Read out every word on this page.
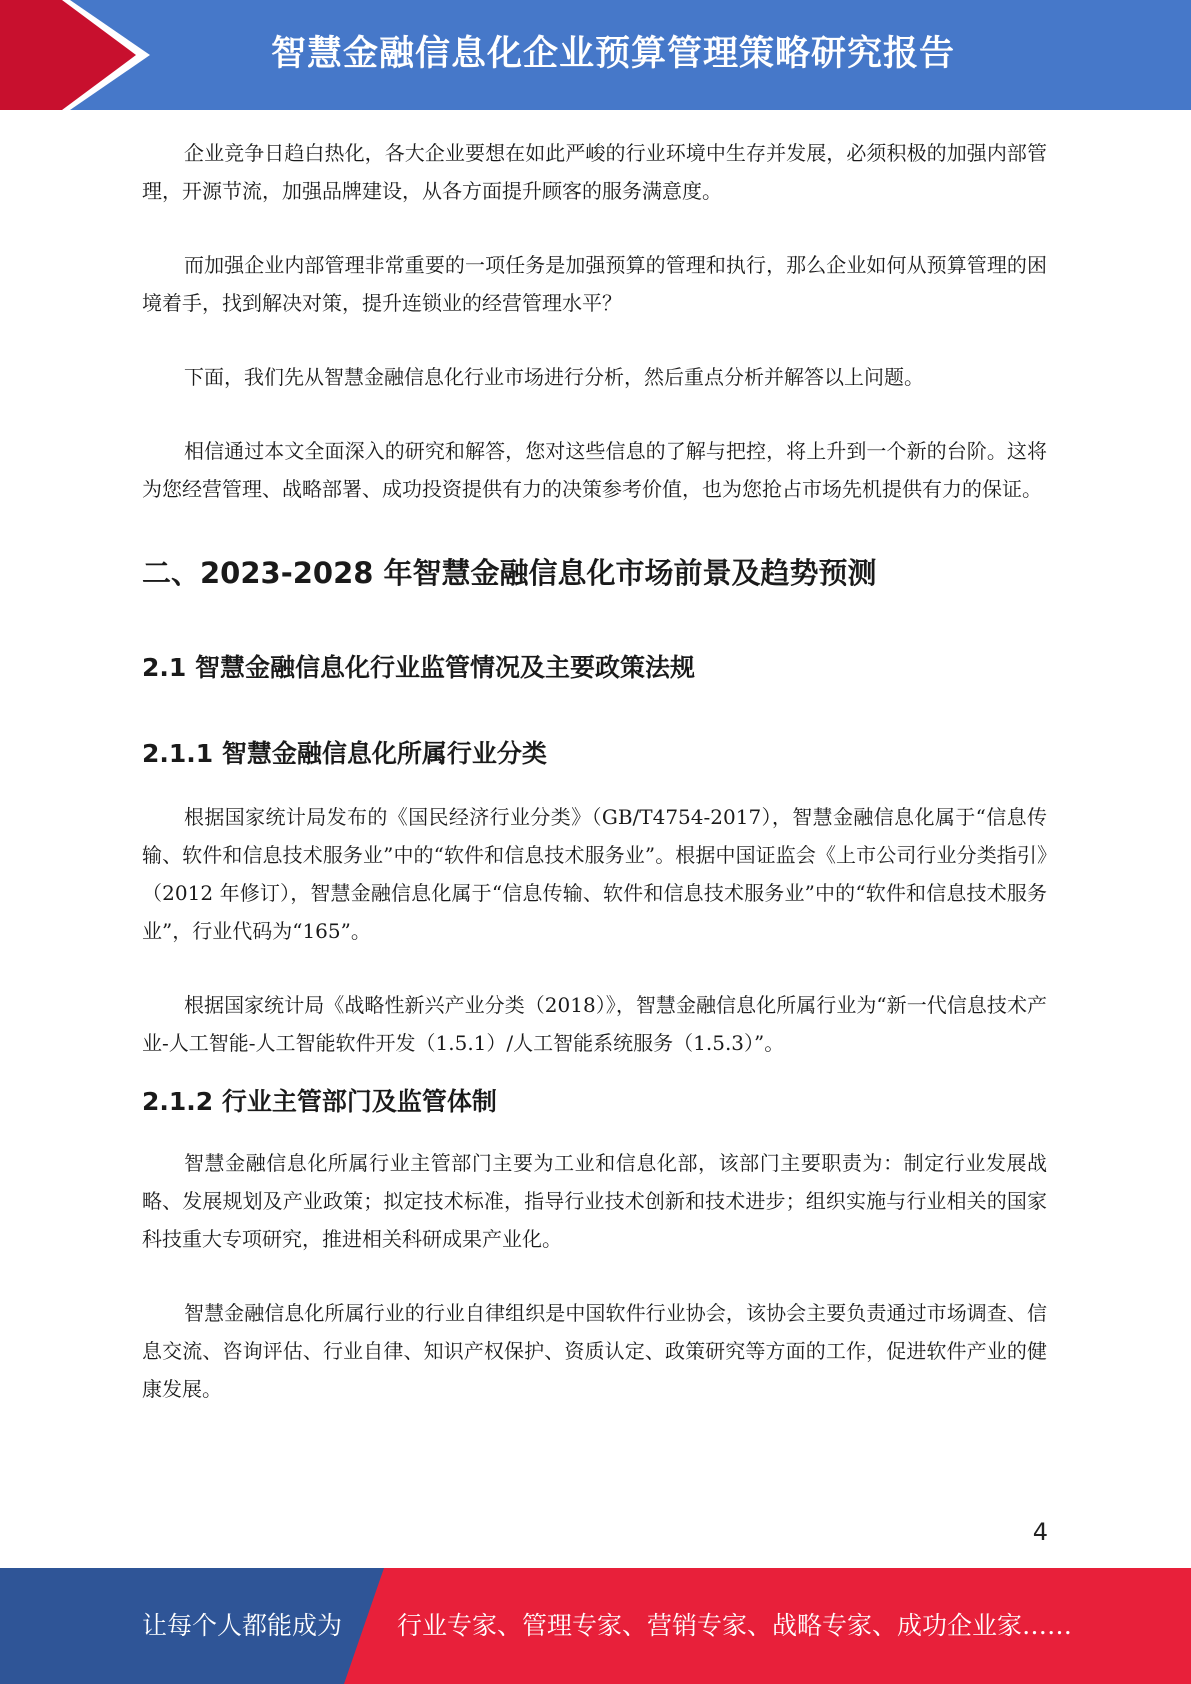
智慧金融信息化企业预算管理策略研究报告

企业竞争日趋白热化，各大企业要想在如此严峻的行业环境中生存并发展，必须积极的加强内部管理，开源节流，加强品牌建设，从各方面提升顾客的服务满意度。

而加强企业内部管理非常重要的一项任务是加强预算的管理和执行，那么企业如何从预算管理的困境着手，找到解决对策，提升连锁业的经营管理水平？

下面，我们先从智慧金融信息化行业市场进行分析，然后重点分析并解答以上问题。

相信通过本文全面深入的研究和解答，您对这些信息的了解与把控，将上升到一个新的台阶。这将为您经营管理、战略部署、成功投资提供有力的决策参考价值，也为您抢占市场先机提供有力的保证。

二、2023-2028 年智慧金融信息化市场前景及趋势预测
2.1 智慧金融信息化行业监管情况及主要政策法规
2.1.1 智慧金融信息化所属行业分类

根据国家统计局发布的《国民经济行业分类》（GB/T4754-2017），智慧金融信息化属于“信息传输、软件和信息技术服务业”中的“软件和信息技术服务业”。根据中国证监会《上市公司行业分类指引》（2012 年修订），智慧金融信息化属于“信息传输、软件和信息技术服务业”中的“软件和信息技术服务业”，行业代码为“165”。

根据国家统计局《战略性新兴产业分类（2018）》，智慧金融信息化所属行业为“新一代信息技术产业-人工智能-人工智能软件开发（1.5.1）/人工智能系统服务（1.5.3）”。

2.1.2 行业主管部门及监管体制

智慧金融信息化所属行业主管部门主要为工业和信息化部，该部门主要职责为：制定行业发展战略、发展规划及产业政策；拟定技术标准，指导行业技术创新和技术进步；组织实施与行业相关的国家科技重大专项研究，推进相关科研成果产业化。

智慧金融信息化所属行业的行业自律组织是中国软件行业协会，该协会主要负责通过市场调查、信息交流、咨询评估、行业自律、知识产权保护、资质认定、政策研究等方面的工作，促进软件产业的健康发展。

4
让每个人都能成为 行业专家、管理专家、营销专家、战略专家、成功企业家……
